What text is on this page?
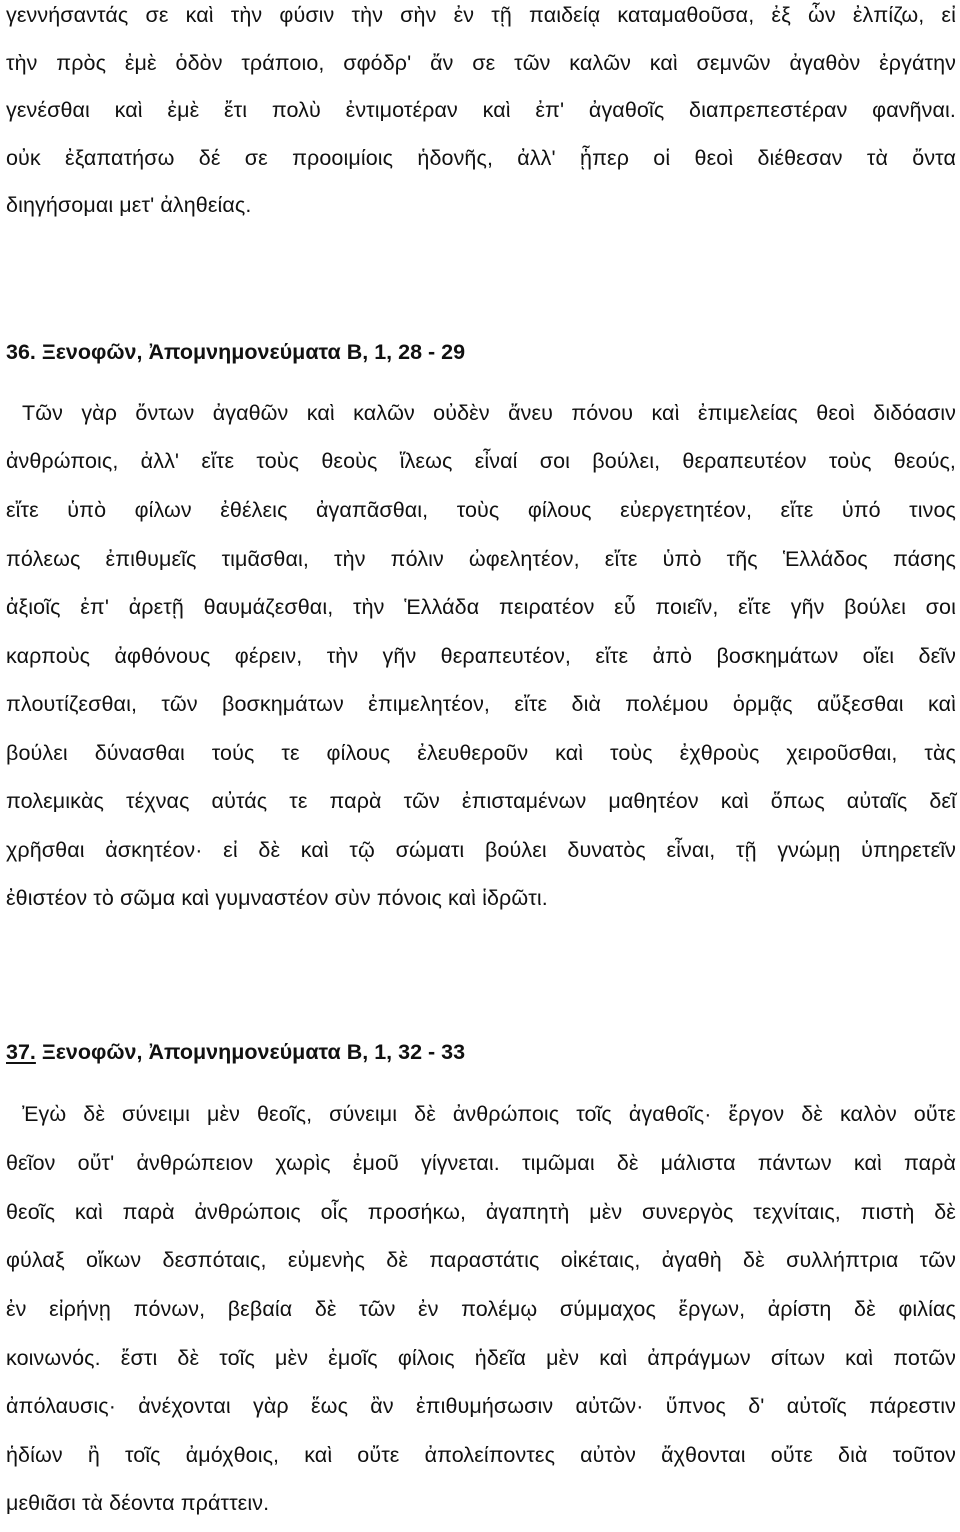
γεννήσαντάς σε καὶ τὴν φύσιν τὴν σὴν ἐν τῇ παιδείᾳ καταμαθοῦσα, ἐξ ὧν ἐλπίζω, εἰ
τὴν πρὸς ἐμὲ ὁδὸν τράποιο, σφόδρ' ἄν σε τῶν καλῶν καὶ σεμνῶν ἀγαθὸν ἐργάτην
γενέσθαι καὶ ἐμὲ ἔτι πολὺ ἐντιμοτέραν καὶ ἐπ' ἀγαθοῖς διαπρεπεστέραν φανῆναι.
οὐκ ἐξαπατήσω δέ σε προοιμίοις ἡδονῆς, ἀλλ' ᾗπερ οἱ θεοὶ διέθεσαν τὰ ὄντα
διηγήσομαι μετ' ἀληθείας.
36. Ξενοφῶν, Ἀπομνημονεύματα Β, 1, 28 - 29
Τῶν γὰρ ὄντων ἀγαθῶν καὶ καλῶν οὐδὲν ἄνευ πόνου καὶ ἐπιμελείας θεοὶ διδόασιν
ἀνθρώποις, ἀλλ' εἴτε τοὺς θεοὺς ἵλεως εἶναί σοι βούλει, θεραπευτέον τοὺς θεούς,
εἴτε ὑπὸ φίλων ἐθέλεις ἀγαπᾶσθαι, τοὺς φίλους εὐεργετητέον, εἴτε ὑπό τινος
πόλεως ἐπιθυμεῖς τιμᾶσθαι, τὴν πόλιν ὠφελητέον, εἴτε ὑπὸ τῆς Ἑλλάδος πάσης
ἀξιοῖς ἐπ' ἀρετῇ θαυμάζεσθαι, τὴν Ἑλλάδα πειρατέον εὖ ποιεῖν, εἴτε γῆν βούλει σοι
καρποὺς ἀφθόνους φέρειν, τὴν γῆν θεραπευτέον, εἴτε ἀπὸ βοσκημάτων οἴει δεῖν
πλουτίζεσθαι, τῶν βοσκημάτων ἐπιμελητέον, εἴτε διὰ πολέμου ὁρμᾷς αὔξεσθαι καὶ
βούλει δύνασθαι τούς τε φίλους ἐλευθεροῦν καὶ τοὺς ἐχθροὺς χειροῦσθαι, τὰς
πολεμικὰς τέχνας αὐτάς τε παρὰ τῶν ἐπισταμένων μαθητέον καὶ ὅπως αὐταῖς δεῖ
χρῆσθαι ἀσκητέον· εἰ δὲ καὶ τῷ σώματι βούλει δυνατὸς εἶναι, τῇ γνώμῃ ὑπηρετεῖν
ἐθιστέον τὸ σῶμα καὶ γυμναστέον σὺν πόνοις καὶ ἱδρῶτι.
37. Ξενοφῶν, Ἀπομνημονεύματα Β, 1, 32 - 33
Ἐγὼ δὲ σύνειμι μὲν θεοῖς, σύνειμι δὲ ἀνθρώποις τοῖς ἀγαθοῖς· ἔργον δὲ καλὸν οὔτε
θεῖον οὔτ' ἀνθρώπειον χωρὶς ἐμοῦ γίγνεται. τιμῶμαι δὲ μάλιστα πάντων καὶ παρὰ
θεοῖς καὶ παρὰ ἀνθρώποις οἷς προσήκω, ἀγαπητὴ μὲν συνεργὸς τεχνίταις, πιστὴ δὲ
φύλαξ οἴκων δεσπόταις, εὐμενὴς δὲ παραστάτις οἰκέταις, ἀγαθὴ δὲ συλλήπτρια τῶν
ἐν εἰρήνῃ πόνων, βεβαία δὲ τῶν ἐν πολέμῳ σύμμαχος ἔργων, ἀρίστη δὲ φιλίας
κοινωνός. ἔστι δὲ τοῖς μὲν ἐμοῖς φίλοις ἡδεῖα μὲν καὶ ἀπράγμων σίτων καὶ ποτῶν
ἀπόλαυσις· ἀνέχονται γὰρ ἕως ἂν ἐπιθυμήσωσιν αὐτῶν· ὕπνος δ' αὐτοῖς πάρεστιν
ἡδίων ἢ τοῖς ἀμόχθοις, καὶ οὔτε ἀπολείποντες αὐτὸν ἄχθονται οὔτε διὰ τοῦτον
μεθιᾶσι τὰ δέοντα πράττειν.
